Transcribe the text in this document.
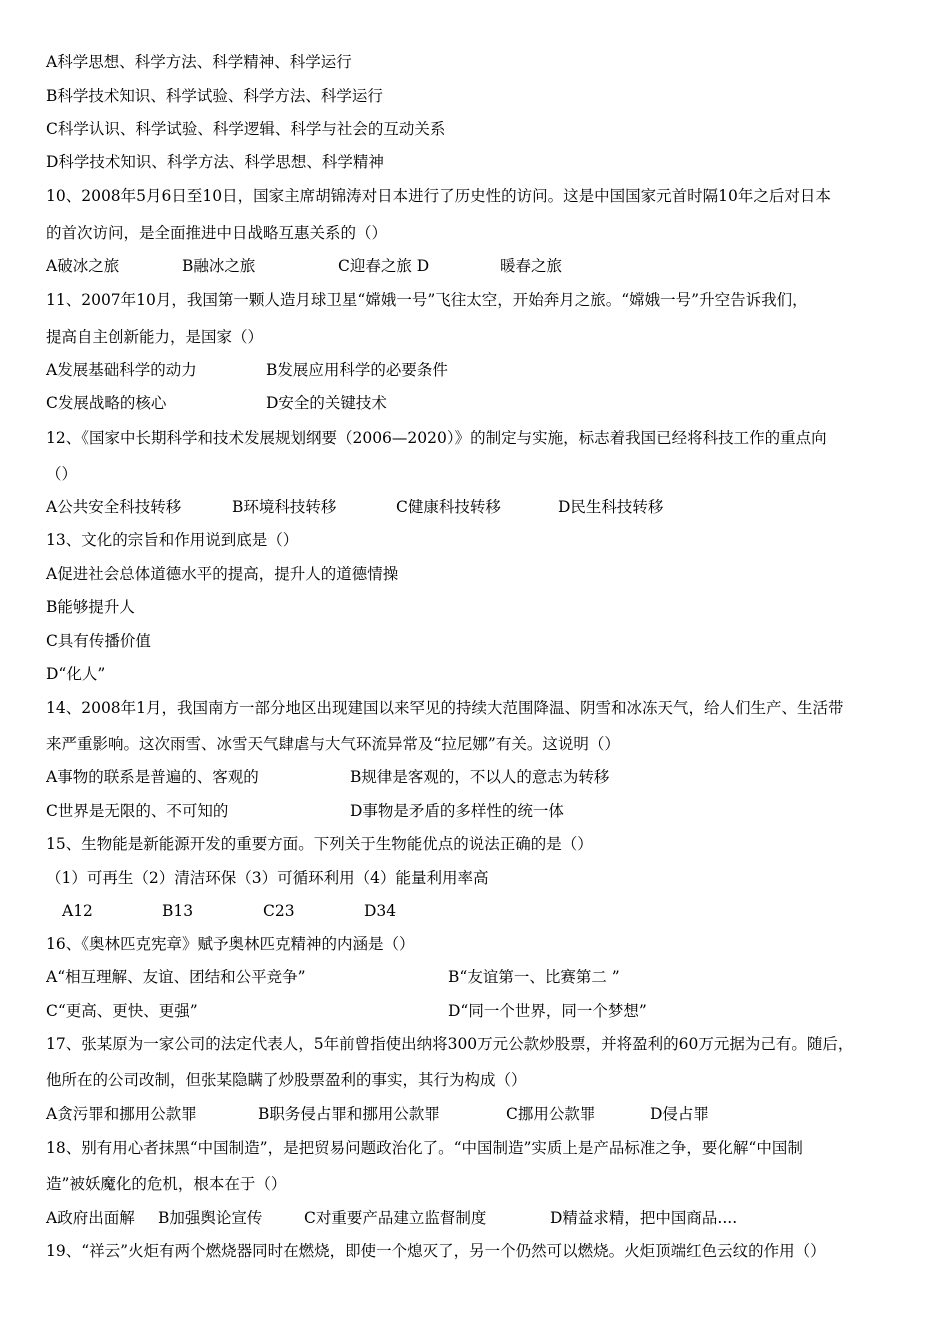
A科学思想、科学方法、科学精神、科学运行
B科学技术知识、科学试验、科学方法、科学运行
C科学认识、科学试验、科学逻辑、科学与社会的互动关系
D科学技术知识、科学方法、科学思想、科学精神
10、2008年5月6日至10日，国家主席胡锦涛对日本进行了历史性的访问。这是中国国家元首时隔10年之后对日本
的首次访问，是全面推进中日战略互惠关系的（）
A破冰之旅	B融冰之旅	C迎春之旅 D	暖春之旅
11、2007年10月，我国第一颗人造月球卫星“嫦娥一号”飞往太空，开始奔月之旅。“嫦娥一号”升空告诉我们，
提高自主创新能力，是国家（）
A发展基础科学的动力	B发展应用科学的必要条件
C发展战略的核心	D安全的关键技术
12、《国家中长期科学和技术发展规划纲要（2006—2020）》的制定与实施，标志着我国已经将科技工作的重点向
（）
A公共安全科技转移	B环境科技转移	C健康科技转移	D民生科技转移
13、文化的宗旨和作用说到底是（）
A促进社会总体道德水平的提高，提升人的道德情操
B能够提升人
C具有传播价值
D“化人”
14、2008年1月，我国南方一部分地区出现建国以来罕见的持续大范围降温、阴雪和冰冻天气，给人们生产、生活带
来严重影响。这次雨雪、冰雪天气肆虐与大气环流异常及“拉尼娜”有关。这说明（）
A事物的联系是普遍的、客观的	B规律是客观的，不以人的意志为转移
C世界是无限的、不可知的	D事物是矛盾的多样性的统一体
15、生物能是新能源开发的重要方面。下列关于生物能优点的说法正确的是（）
（1）可再生（2）清洁环保（3）可循环利用（4）能量利用率高
A12	B13	C23	D34
16、《奥林匹克宪章》赋予奥林匹克精神的内涵是（）
A“相互理解、友谊、团结和公平竞争”	B“友谊第一、比赛第二 ”
C“更高、更快、更强”	D“同一个世界，同一个梦想”
17、张某原为一家公司的法定代表人，5年前曾指使出纳将300万元公款炒股票，并将盈利的60万元据为己有。随后，
他所在的公司改制，但张某隐瞒了炒股票盈利的事实，其行为构成（）
A贪污罪和挪用公款罪	B职务侵占罪和挪用公款罪	C挪用公款罪	D侵占罪
18、别有用心者抹黑“中国制造”，是把贸易问题政治化了。“中国制造”实质上是产品标准之争，要化解“中国制
造”被妖魔化的危机，根本在于（）
A政府出面解 B加强舆论宣传	C对重要产品建立监督制度	D精益求精，把中国商品....
19、“祥云”火炬有两个燃烧器同时在燃烧，即使一个熄灭了，另一个仍然可以燃烧。火炬顶端红色云纹的作用（）
